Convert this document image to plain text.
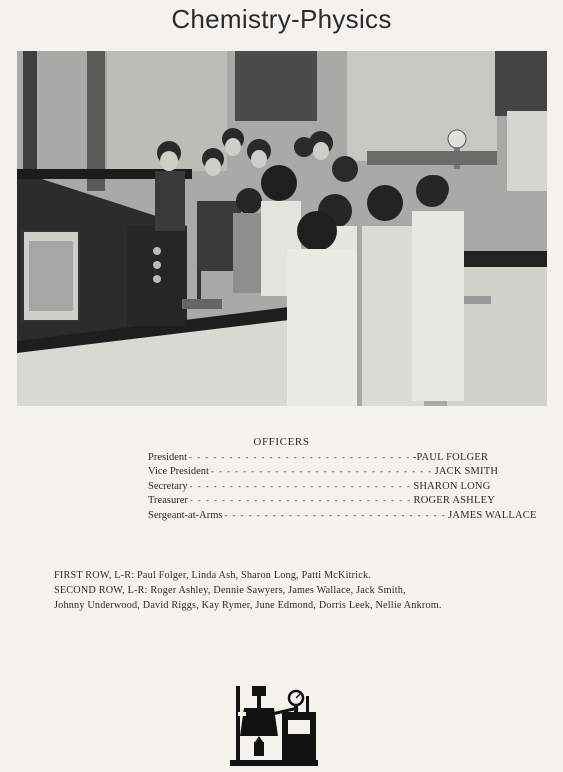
Chemistry-Physics
OFFICERS
President - - - - - - - - - - - - - - - - - - - - - - - - - - - - -PAUL FOLGER
Vice President - - - - - - - - - - - - - - - - - - - - - - - - - - - - JACK SMITH
Secretary - - - - - - - - - - - - - - - - - - - - - - - - - - - - SHARON LONG
Treasurer - - - - - - - - - - - - - - - - - - - - - - - - - - - - ROGER ASHLEY
Sergeant-at-Arms - - - - - - - - - - - - - - - - - - - - - - - - - - - - JAMES WALLACE

FIRST ROW, L-R: Paul Folger, Linda Ash, Sharon Long, Patti McKitrick.

SECOND ROW, L-R: Roger Ashley, Dennie Sawyers, James Wallace, Jack Smith,

Johnny Underwood, David Riggs, Kay Rymer, June Edmond, Dorris Leek, Nellie Ankrom.
